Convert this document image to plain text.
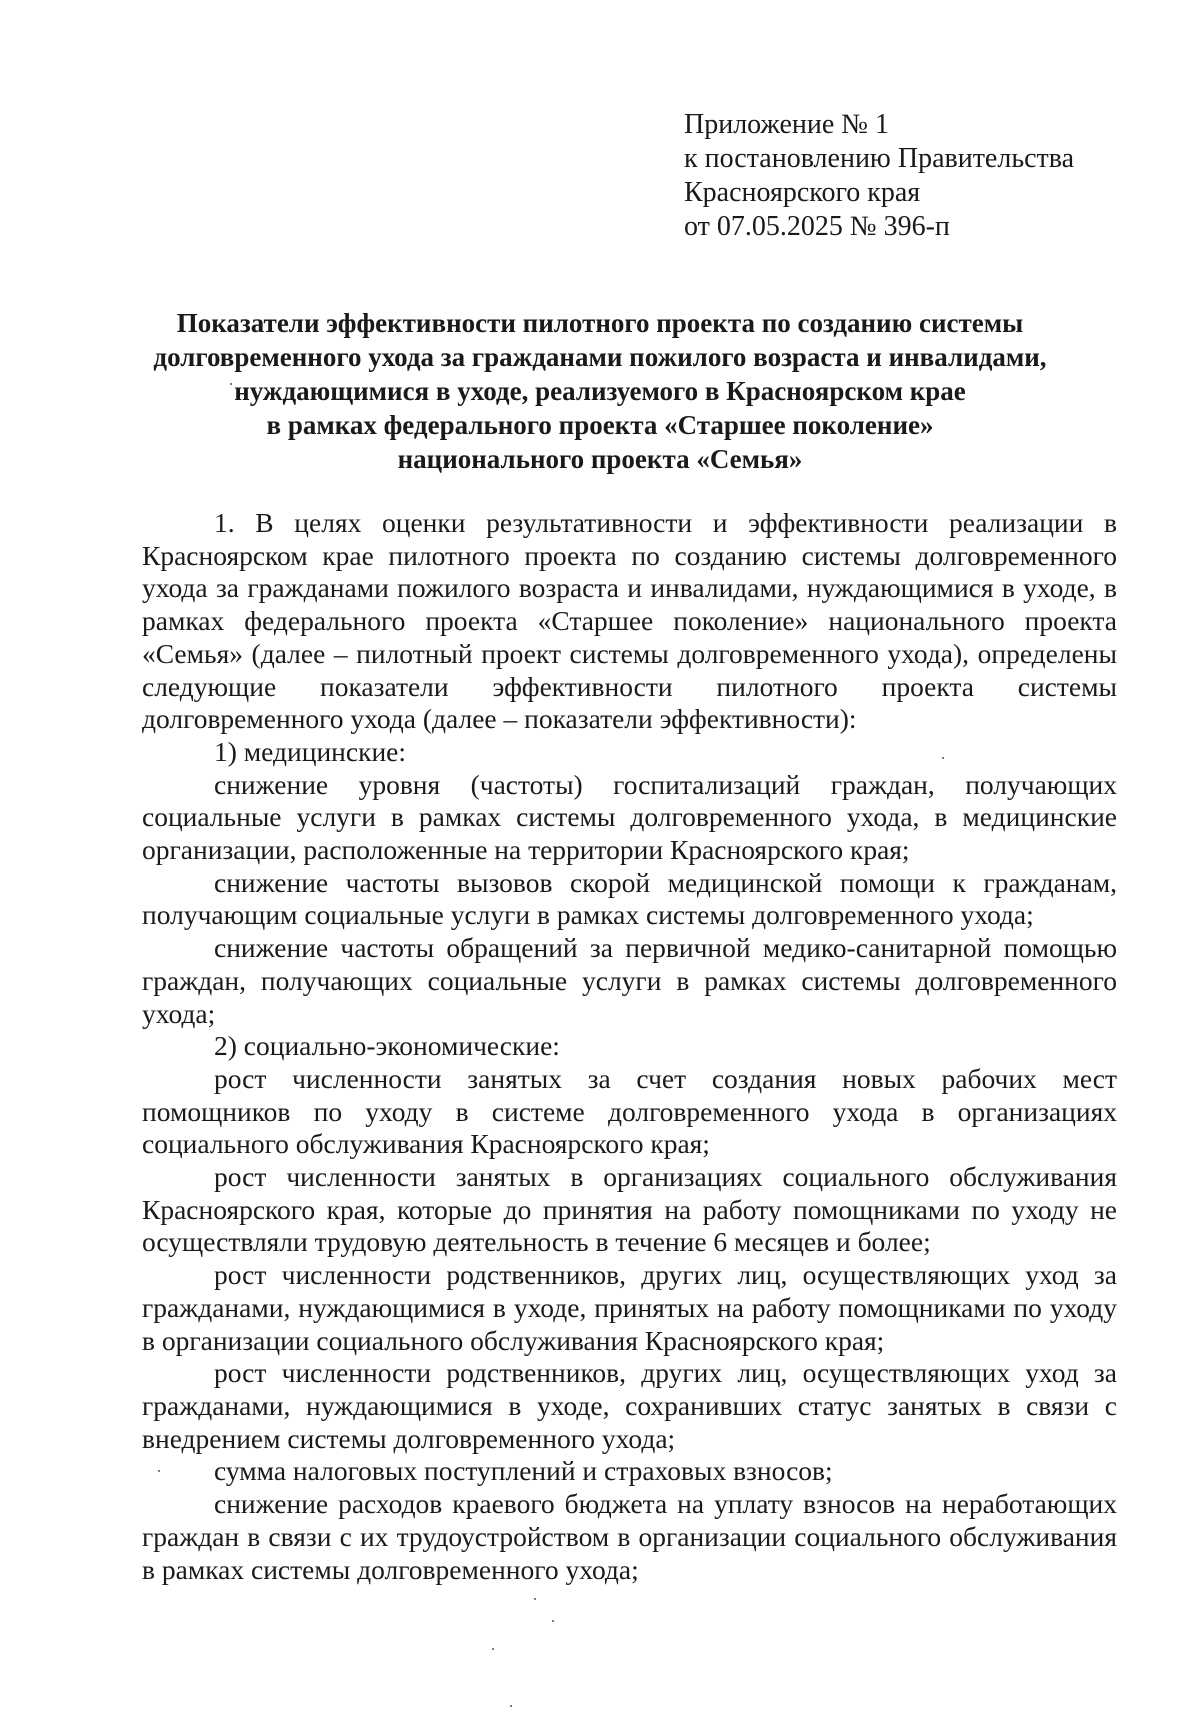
Приложение № 1
к постановлению Правительства
Красноярского края
от 07.05.2025 № 396-п
Показатели эффективности пилотного проекта по созданию системы
долговременного ухода за гражданами пожилого возраста и инвалидами,
нуждающимися в уходе, реализуемого в Красноярском крае
в рамках федерального проекта «Старшее поколение»
национального проекта «Семья»

1. В целях оценки результативности и эффективности реализации в Красноярском крае пилотного проекта по созданию системы долговременного ухода за гражданами пожилого возраста и инвалидами, нуждающимися в уходе, в рамках федерального проекта «Старшее поколение» национального проекта «Семья» (далее – пилотный проект системы долговременного ухода), определены следующие показатели эффективности пилотного проекта системы долговременного ухода (далее – показатели эффективности):

1) медицинские:

снижение уровня (частоты) госпитализаций граждан, получающих социальные услуги в рамках системы долговременного ухода, в медицинские организации, расположенные на территории Красноярского края;

снижение частоты вызовов скорой медицинской помощи к гражданам, получающим социальные услуги в рамках системы долговременного ухода;

снижение частоты обращений за первичной медико-санитарной помощью граждан, получающих социальные услуги в рамках системы долговременного ухода;

2) социально-экономические:

рост численности занятых за счет создания новых рабочих мест помощников по уходу в системе долговременного ухода в организациях социального обслуживания Красноярского края;

рост численности занятых в организациях социального обслуживания Красноярского края, которые до принятия на работу помощниками по уходу не осуществляли трудовую деятельность в течение 6 месяцев и более;

рост численности родственников, других лиц, осуществляющих уход за гражданами, нуждающимися в уходе, принятых на работу помощниками по уходу в организации социального обслуживания Красноярского края;

рост численности родственников, других лиц, осуществляющих уход за гражданами, нуждающимися в уходе, сохранивших статус занятых в связи с внедрением системы долговременного ухода;

сумма налоговых поступлений и страховых взносов;

снижение расходов краевого бюджета на уплату взносов на неработающих граждан в связи с их трудоустройством в организации социального обслуживания в рамках системы долговременного ухода;
